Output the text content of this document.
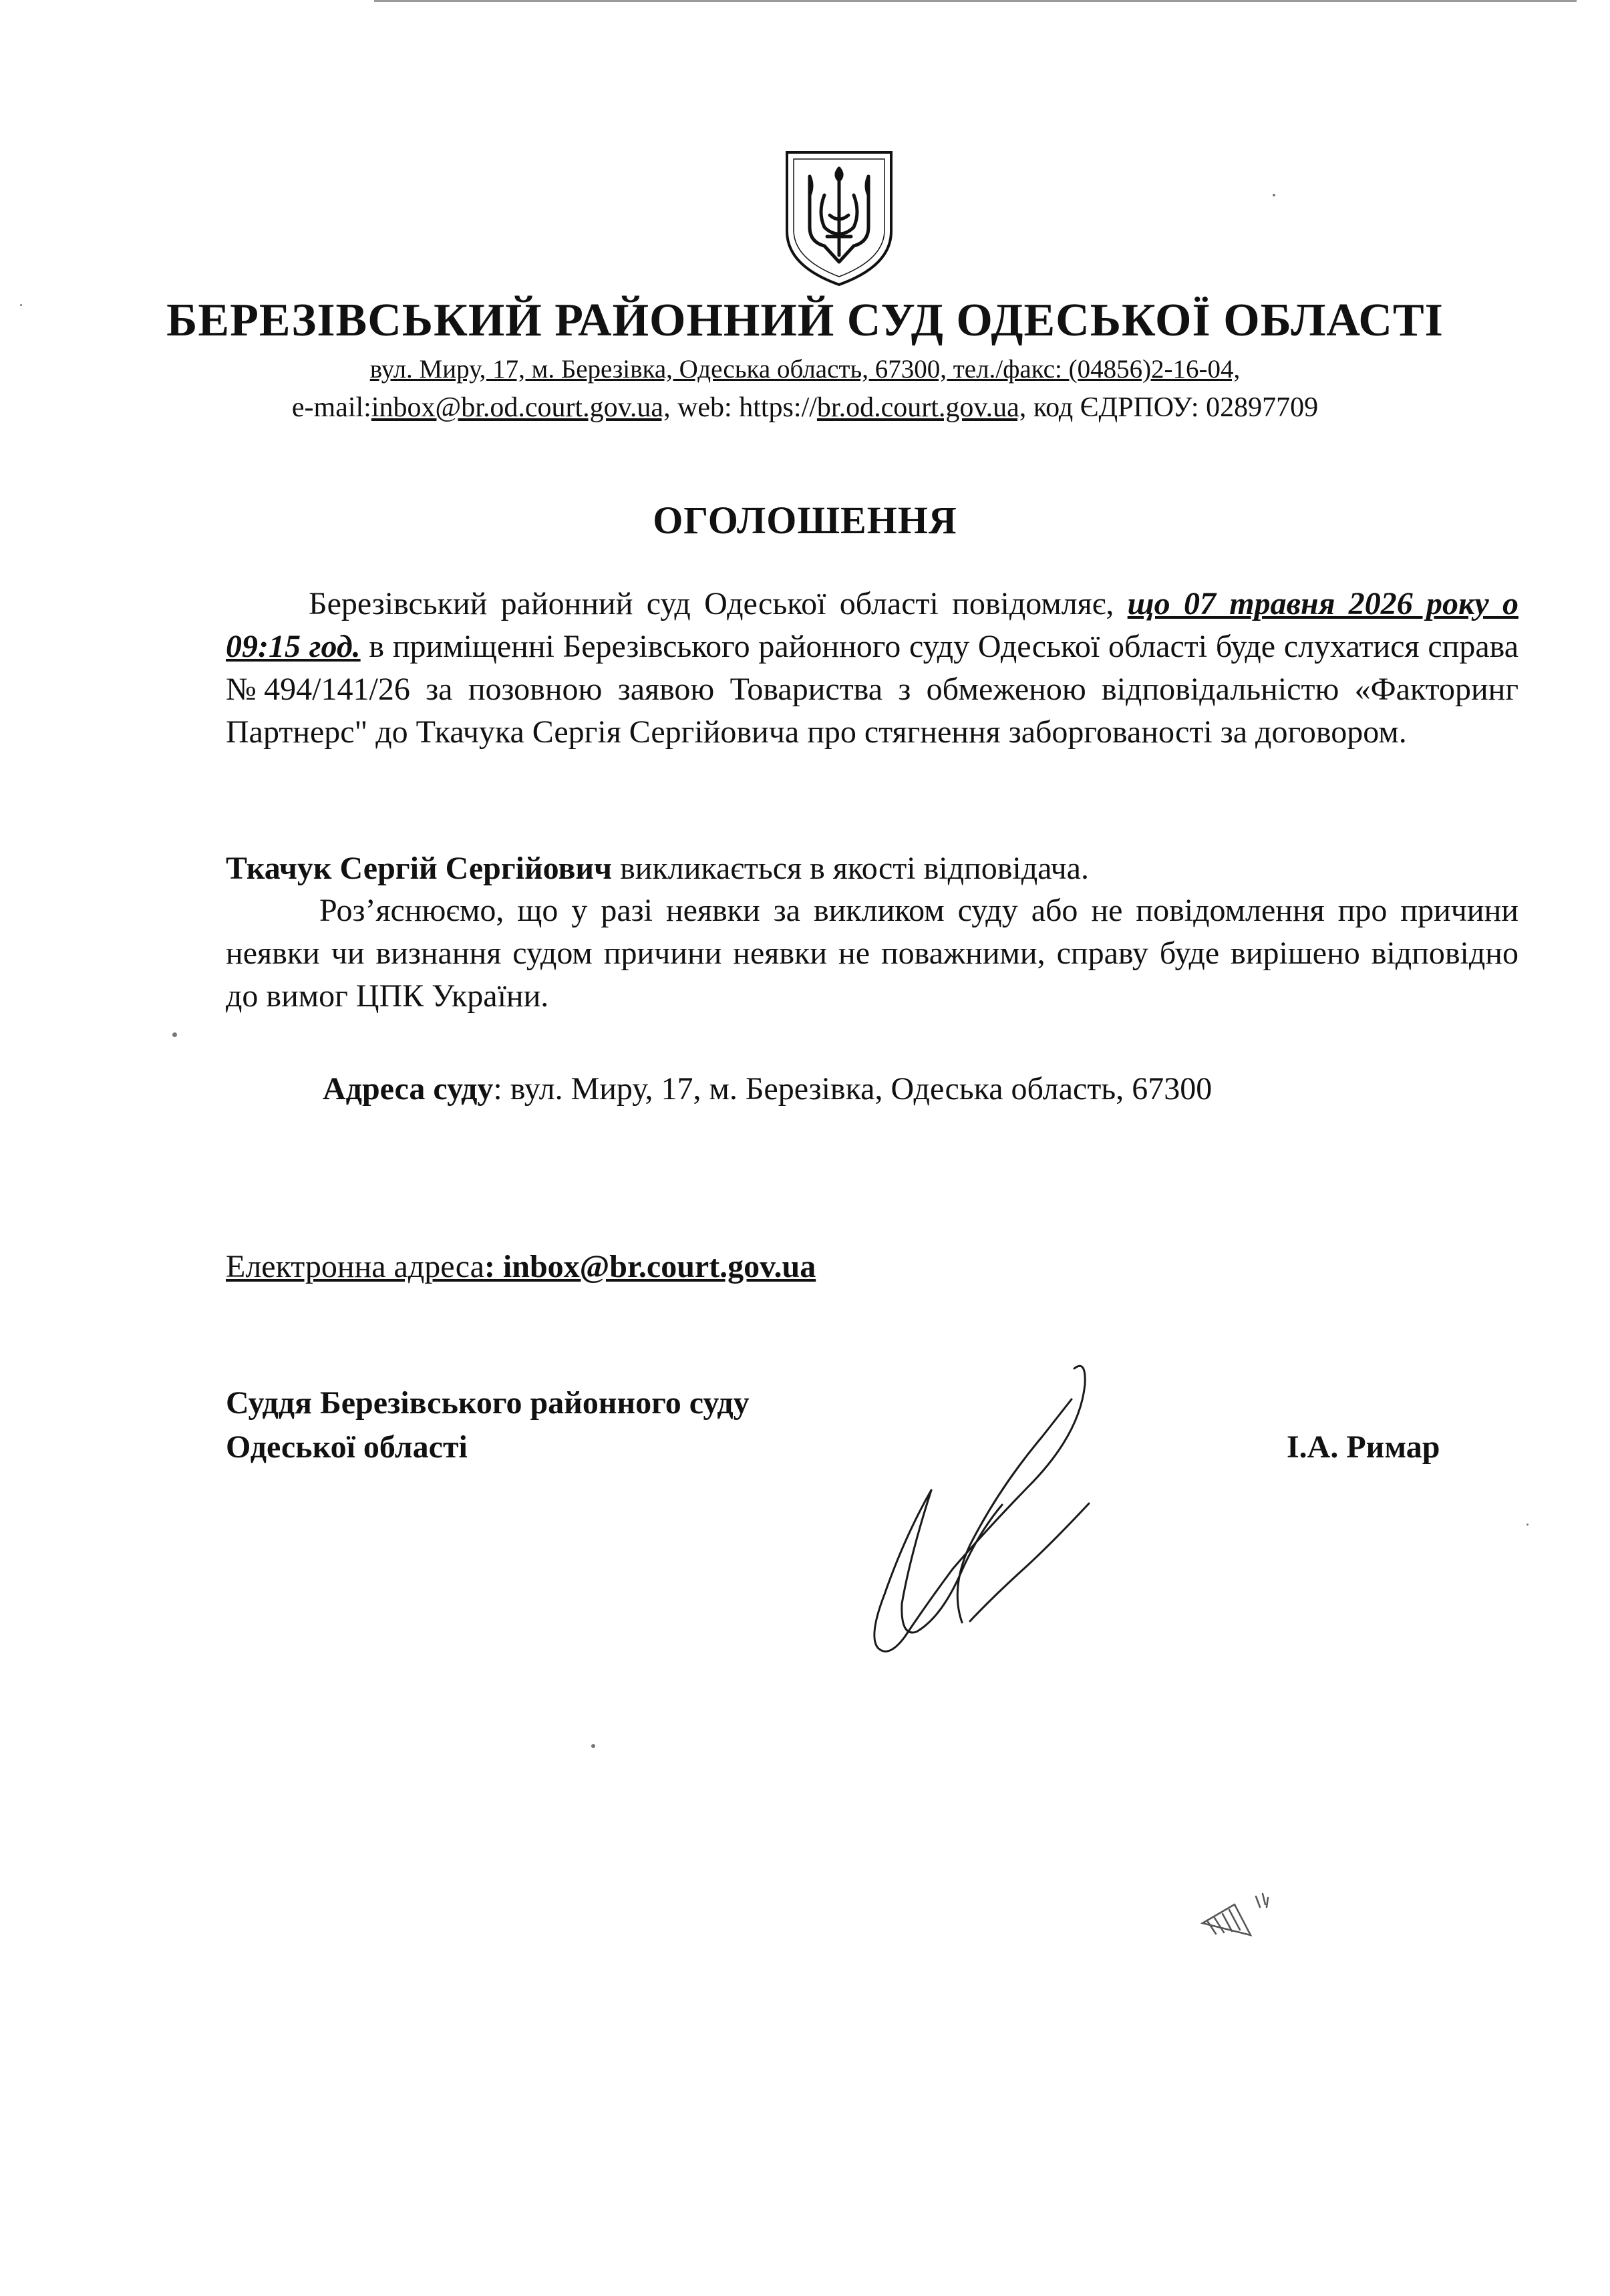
БЕРЕЗІВСЬКИЙ РАЙОННИЙ СУД ОДЕСЬКОЇ ОБЛАСТІ
вул. Миру, 17, м. Березівка, Одеська область, 67300, тел./факс: (04856)2-16-04,
e-mail:inbox@br.od.court.gov.ua, web: https://br.od.court.gov.ua, код ЄДРПОУ: 02897709
ОГОЛОШЕННЯ

Березівський районний суд Одеської області повідомляє, що 07 травня 2026 року о 09:15 год. в приміщенні Березівського районного суду Одеської області буде слухатися справа №494/141/26 за позовною заявою Товариства з обмеженою відповідальністю «Факторинг Партнерс" до Ткачука Сергія Сергійовича про стягнення заборгованості за договором.

Ткачук Сергій Сергійович викликається в якості відповідача.

Роз’яснюємо, що у разі неявки за викликом суду або не повідомлення про причини неявки чи визнання судом причини неявки не поважними, справу буде вирішено відповідно до вимог ЦПК України.

Адреса суду: вул. Миру, 17, м. Березівка, Одеська область, 67300

Електронна адреса: inbox@br.court.gov.ua

Суддя Березівського районного суду
Одеської області	І.А. Римар
